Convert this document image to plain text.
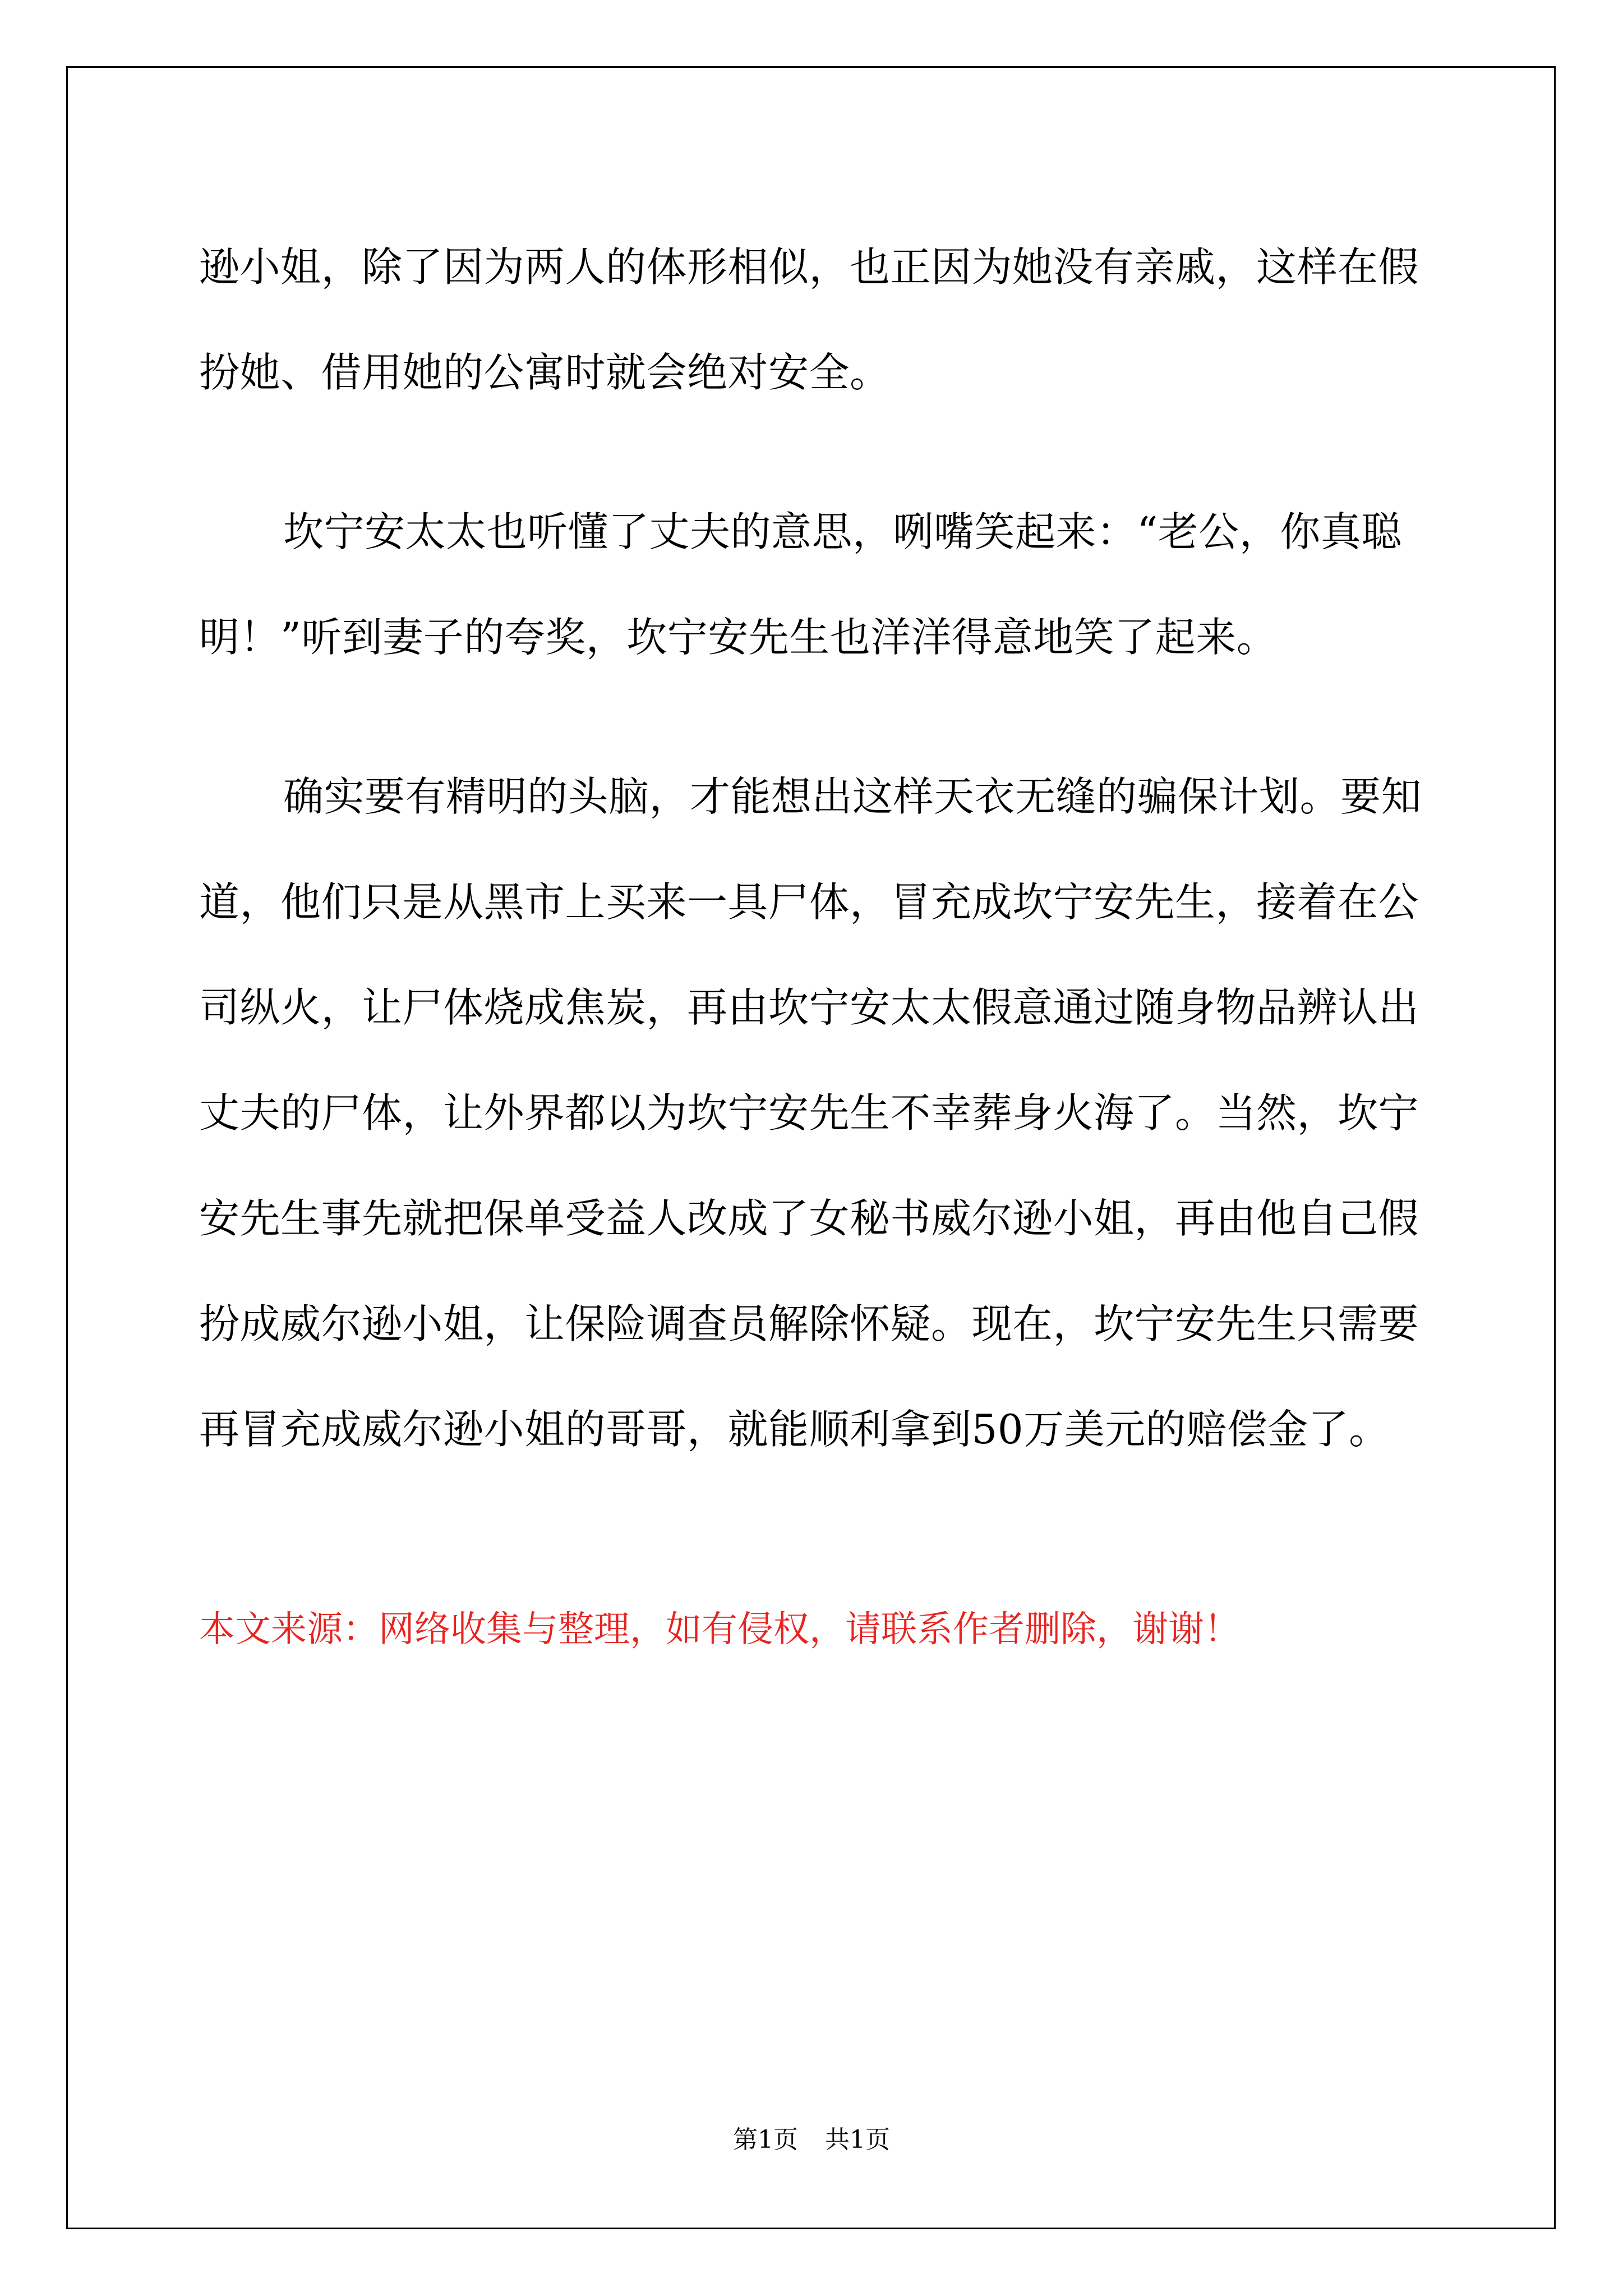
逊小姐，除了因为两人的体形相似，也正因为她没有亲戚，这样在假
扮她、借用她的公寓时就会绝对安全。
坎宁安太太也听懂了丈夫的意思，咧嘴笑起来：“老公，你真聪
明！”听到妻子的夸奖，坎宁安先生也洋洋得意地笑了起来。
确实要有精明的头脑，才能想出这样天衣无缝的骗保计划。要知
道，他们只是从黑市上买来一具尸体，冒充成坎宁安先生，接着在公
司纵火，让尸体烧成焦炭，再由坎宁安太太假意通过随身物品辨认出
丈夫的尸体，让外界都以为坎宁安先生不幸葬身火海了。当然，坎宁
安先生事先就把保单受益人改成了女秘书威尔逊小姐，再由他自己假
扮成威尔逊小姐，让保险调查员解除怀疑。现在，坎宁安先生只需要
再冒充成威尔逊小姐的哥哥，就能顺利拿到50万美元的赔偿金了。
本文来源：网络收集与整理，如有侵权，请联系作者删除，谢谢！
第1页 共1页
